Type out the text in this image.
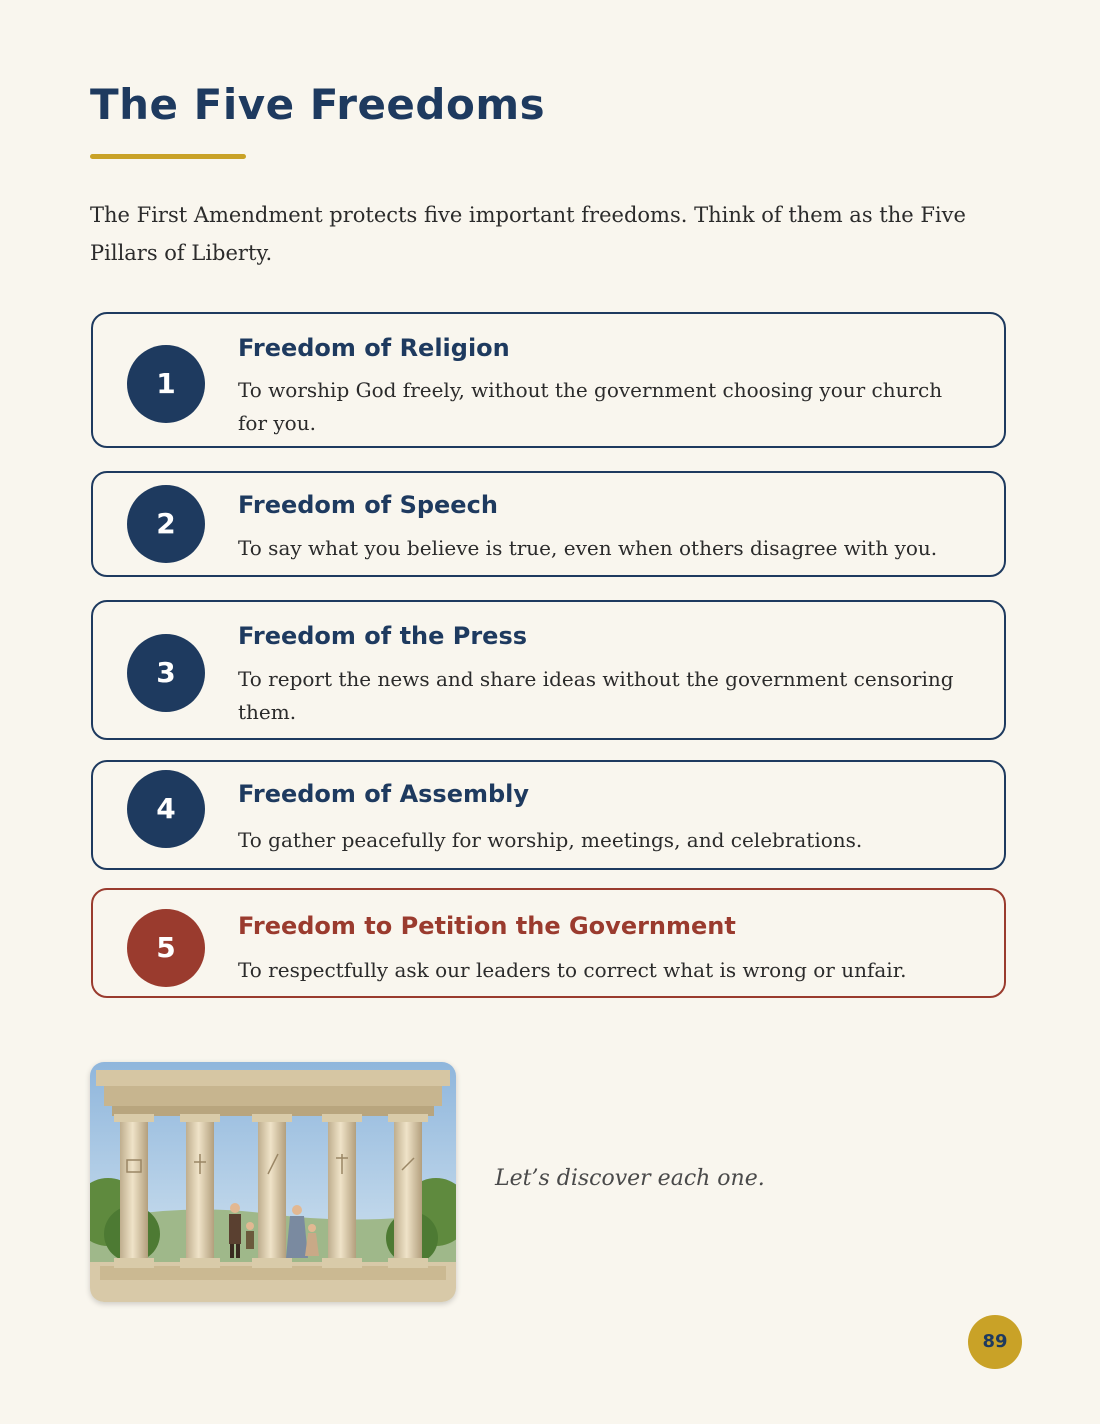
The Five Freedoms

The First Amendment protects five important freedoms. Think of them as the Five Pillars of Liberty.

1
Freedom of Religion

To worship God freely, without the government choosing your church for you.

2
Freedom of Speech

To say what you believe is true, even when others disagree with you.

3
Freedom of the Press

To report the news and share ideas without the government censoring them.

4	Freedom of Assembly

To gather peacefully for worship, meetings, and celebrations.

5
Freedom to Petition the Government

To respectfully ask our leaders to correct what is wrong or unfair.

Let’s discover each one.

89
